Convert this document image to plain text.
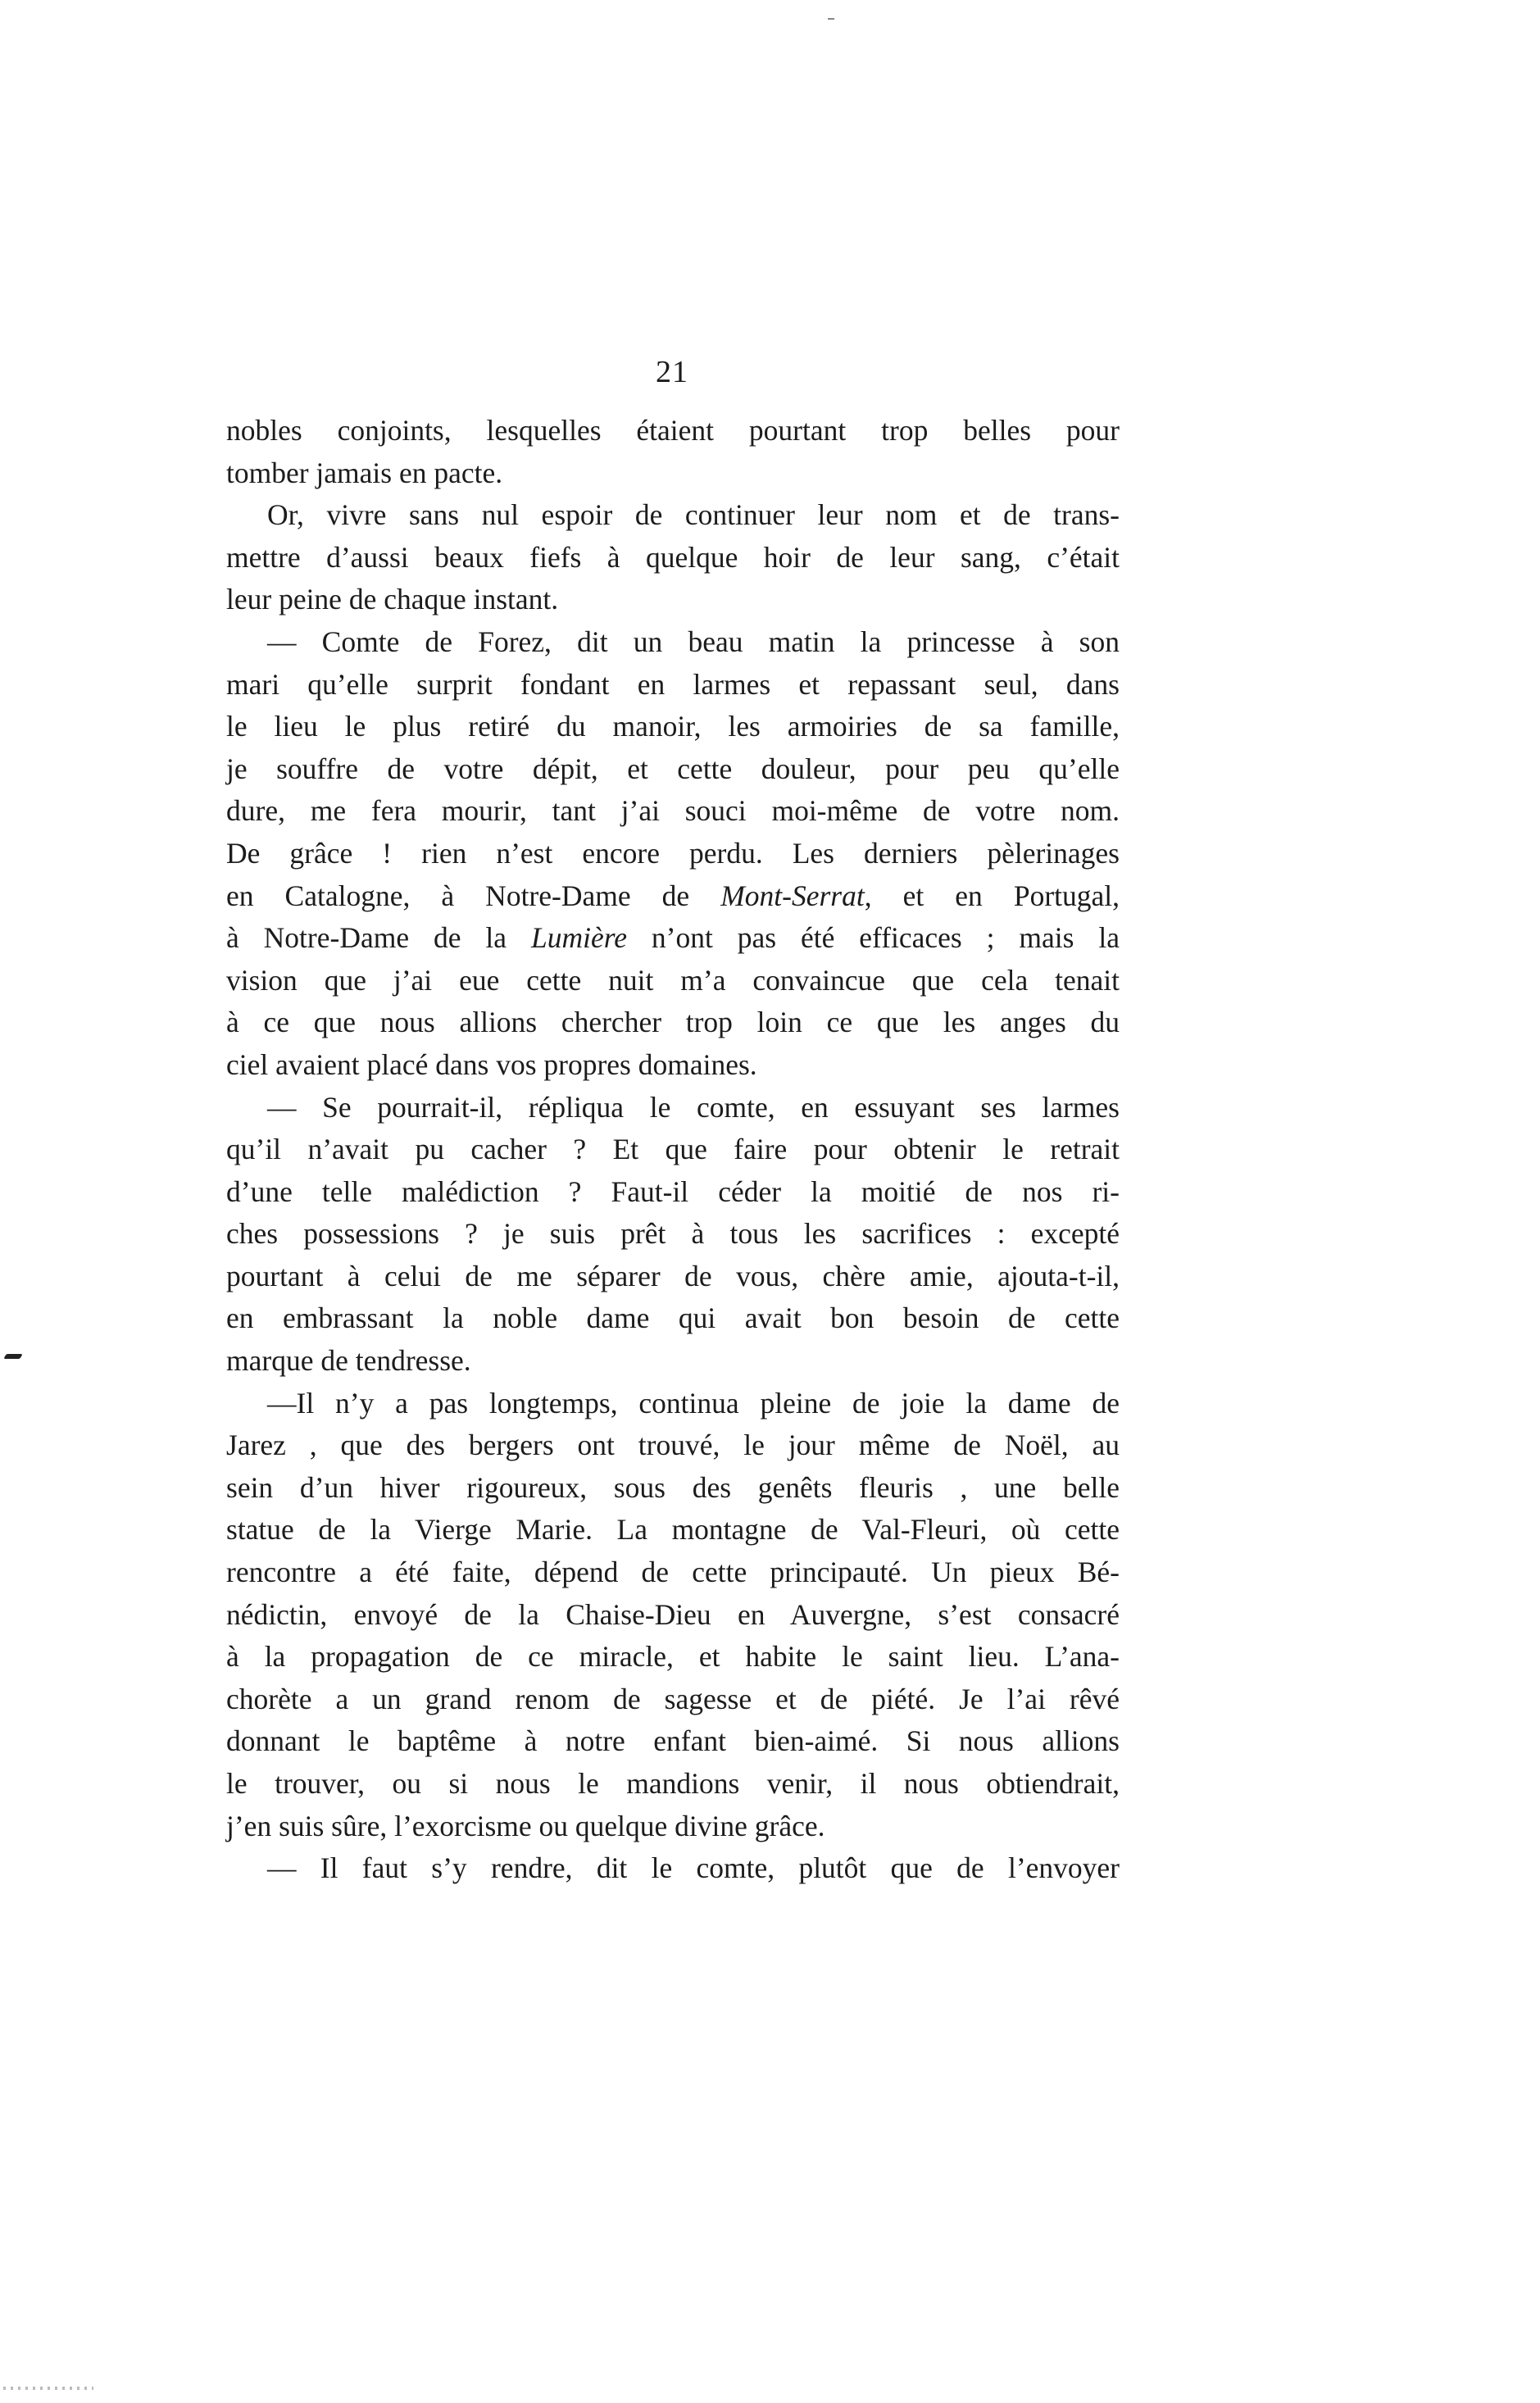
21
nobles conjoints, lesquelles étaient pourtant trop belles pour
tomber jamais en pacte.
Or, vivre sans nul espoir de continuer leur nom et de trans-
mettre d’aussi beaux fiefs à quelque hoir de leur sang, c’était
leur peine de chaque instant.
— Comte de Forez, dit un beau matin la princesse à son
mari qu’elle surprit fondant en larmes et repassant seul, dans
le lieu le plus retiré du manoir, les armoiries de sa famille,
je souffre de votre dépit, et cette douleur, pour peu qu’elle
dure, me fera mourir, tant j’ai souci moi-même de votre nom.
De grâce ! rien n’est encore perdu. Les derniers pèlerinages
en Catalogne, à Notre-Dame de Mont-Serrat, et en Portugal,
à Notre-Dame de la Lumière n’ont pas été efficaces ; mais la
vision que j’ai eue cette nuit m’a convaincue que cela tenait
à ce que nous allions chercher trop loin ce que les anges du
ciel avaient placé dans vos propres domaines.
— Se pourrait-il, répliqua le comte, en essuyant ses larmes
qu’il n’avait pu cacher ? Et que faire pour obtenir le retrait
d’une telle malédiction ? Faut-il céder la moitié de nos ri-
ches possessions ? je suis prêt à tous les sacrifices : excepté
pourtant à celui de me séparer de vous, chère amie, ajouta-t-il,
en embrassant la noble dame qui avait bon besoin de cette
marque de tendresse.
—Il n’y a pas longtemps, continua pleine de joie la dame de
Jarez , que des bergers ont trouvé, le jour même de Noël, au
sein d’un hiver rigoureux, sous des genêts fleuris , une belle
statue de la Vierge Marie. La montagne de Val-Fleuri, où cette
rencontre a été faite, dépend de cette principauté. Un pieux Bé-
nédictin, envoyé de la Chaise-Dieu en Auvergne, s’est consacré
à la propagation de ce miracle, et habite le saint lieu. L’ana-
chorète a un grand renom de sagesse et de piété. Je l’ai rêvé
donnant le baptême à notre enfant bien-aimé. Si nous allions
le trouver, ou si nous le mandions venir, il nous obtiendrait,
j’en suis sûre, l’exorcisme ou quelque divine grâce.
— Il faut s’y rendre, dit le comte, plutôt que de l’envoyer
